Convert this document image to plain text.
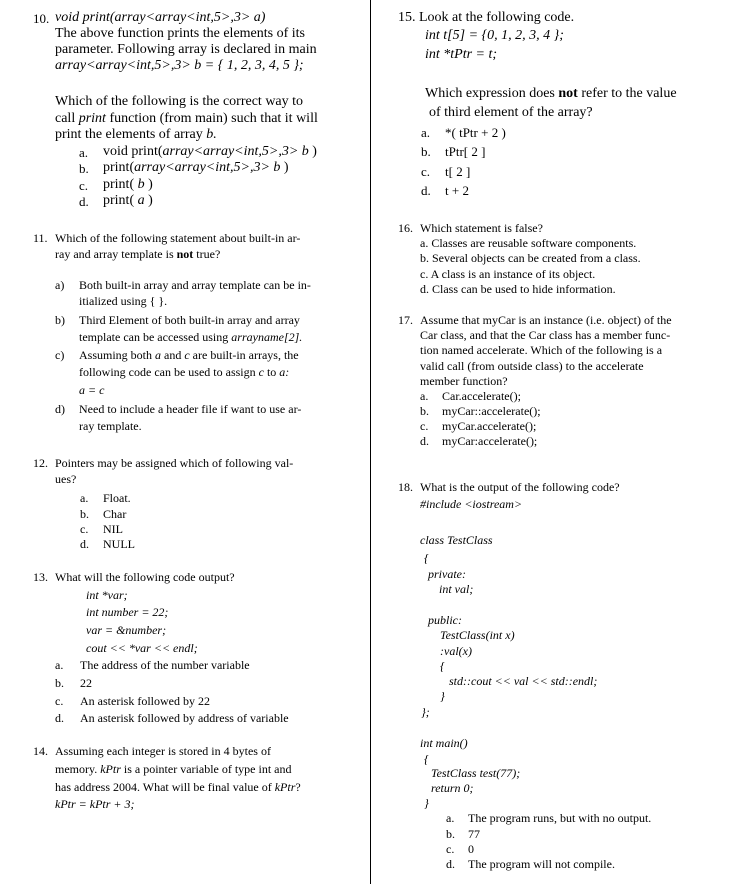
10. void print(array<array<int,5>,3> a)
The above function prints the elements of its
parameter. Following array is declared in main
array<array<int,5>,3> b = { 1, 2, 3, 4, 5 };
Which of the following is the correct way to
call print function (from main) such that it will
print the elements of array b.
a. void print(array<array<int,5>,3> b )
b. print(array<array<int,5>,3> b )
c. print( b )
d. print( a )
11. Which of the following statement about built-in ar-
ray and array template is not true?
a) Both built-in array and array template can be in-
itialized using { }.
b) Third Element of both built-in array and array
template can be accessed using arrayname[2].
c) Assuming both a and c are built-in arrays, the
following code can be used to assign c to a:
a = c
d) Need to include a header file if want to use ar-
ray template.
12. Pointers may be assigned which of following val-
ues?
a. Float.
b. Char
c. NIL
d. NULL
13. What will the following code output?
int *var;
int number = 22;
var = &number;
cout << *var << endl;
a. The address of the number variable
b. 22
c. An asterisk followed by 22
d. An asterisk followed by address of variable
14. Assuming each integer is stored in 4 bytes of
memory. kPtr is a pointer variable of type int and
has address 2004. What will be final value of kPtr?
kPtr = kPtr + 3;
15. Look at the following code.
int t[5] = {0, 1, 2, 3, 4 };
int *tPtr = t;
Which expression does not refer to the value
of third element of the array?
a. *( tPtr + 2 )
b. tPtr[ 2 ]
c. t[ 2 ]
d. t + 2
16. Which statement is false?
a. Classes are reusable software components.
b. Several objects can be created from a class.
c. A class is an instance of its object.
d. Class can be used to hide information.
17. Assume that myCar is an instance (i.e. object) of the
Car class, and that the Car class has a member func-
tion named accelerate. Which of the following is a
valid call (from outside class) to the accelerate
member function?
a. Car.accelerate();
b. myCar::accelerate();
c. myCar.accelerate();
d. myCar:accelerate();
18. What is the output of the following code?
#include <iostream>
class TestClass
{
private:
int val;
public:
TestClass(int x)
:val(x)
{
std::cout << val << std::endl;
}
};
int main()
{
TestClass test(77);
return 0;
}
a. The program runs, but with no output.
b. 77
c. 0
d. The program will not compile.
